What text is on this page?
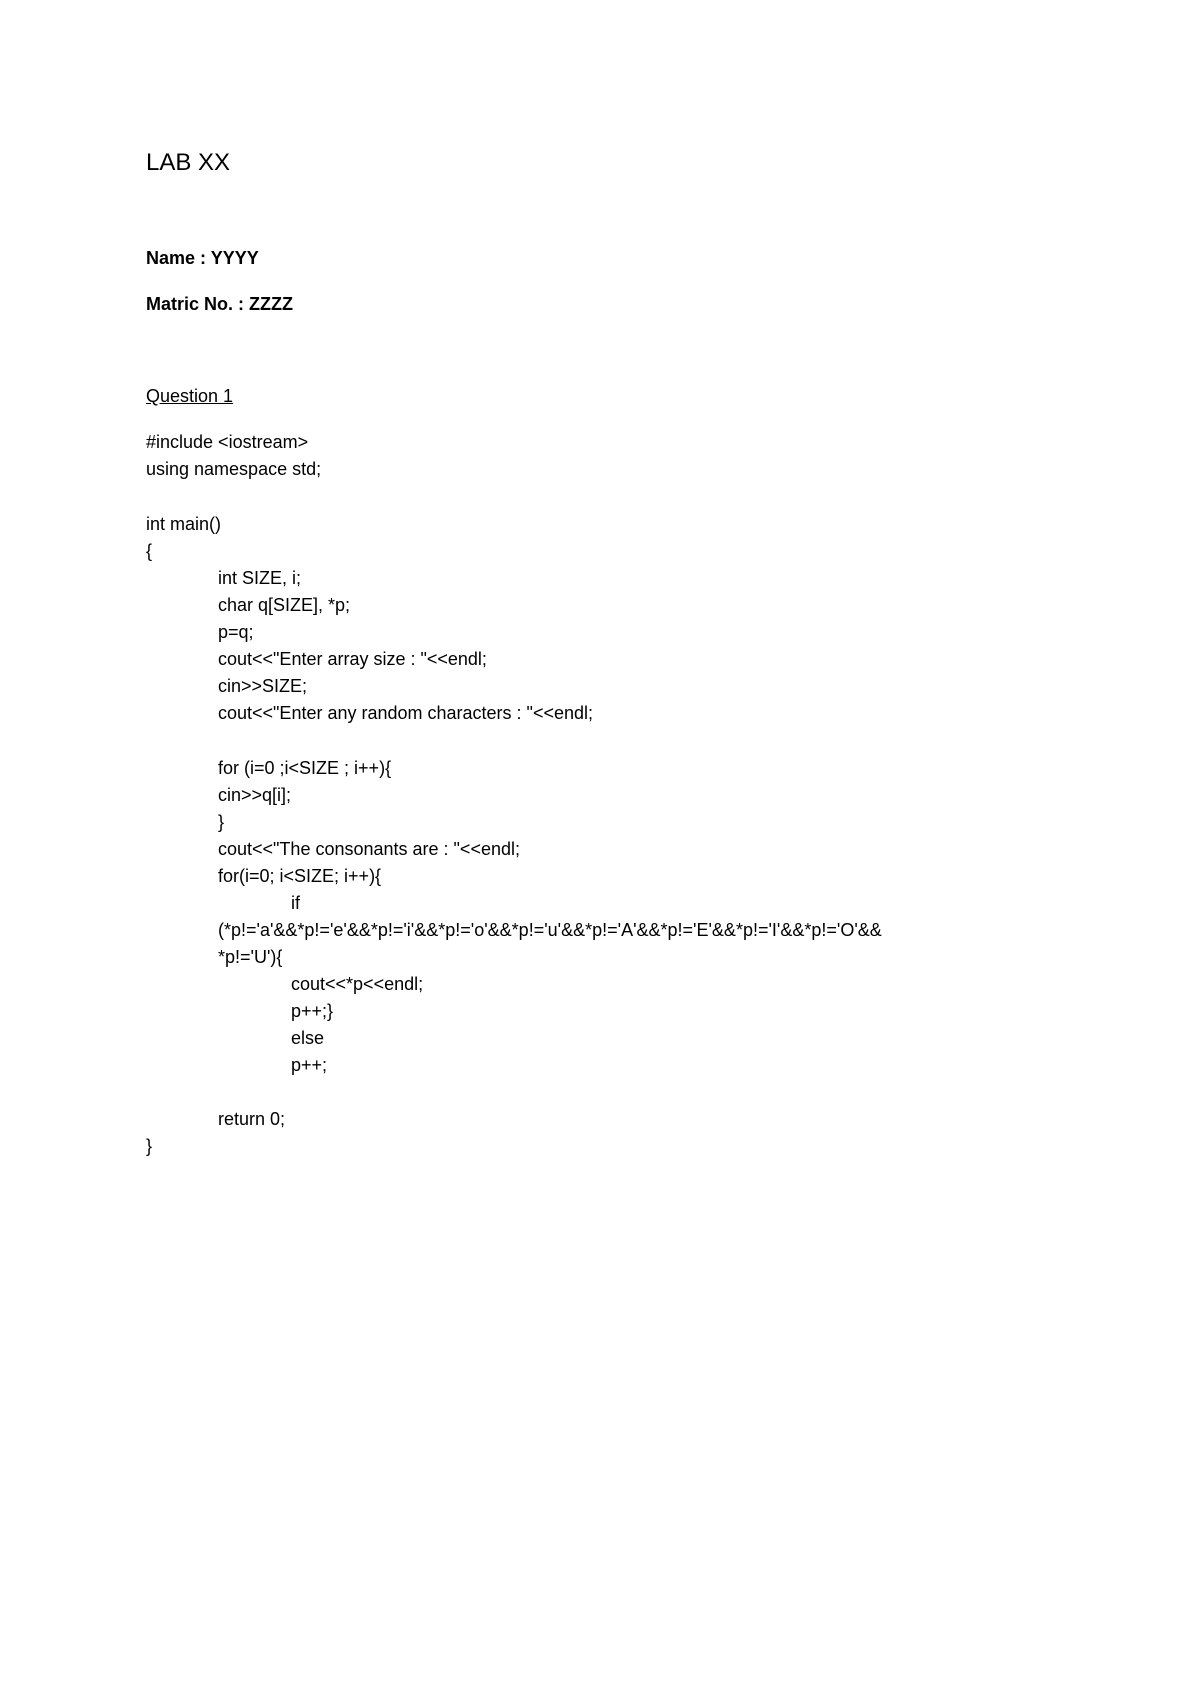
LAB XX
Name : YYYY
Matric No. : ZZZZ
Question 1
#include <iostream>
using namespace std;
int main()
{
int SIZE, i;
char q[SIZE], *p;
p=q;
cout<<"Enter array size : "<<endl;
cin>>SIZE;
cout<<"Enter any random characters : "<<endl;
for (i=0 ;i<SIZE ; i++){
cin>>q[i];
}
cout<<"The consonants are : "<<endl;
for(i=0; i<SIZE; i++){
if
(*p!='a'&&*p!='e'&&*p!='i'&&*p!='o'&&*p!='u'&&*p!='A'&&*p!='E'&&*p!='I'&&*p!='O'&&
*p!='U'){
cout<<*p<<endl;
p++;}
else
p++;
return 0;
}
